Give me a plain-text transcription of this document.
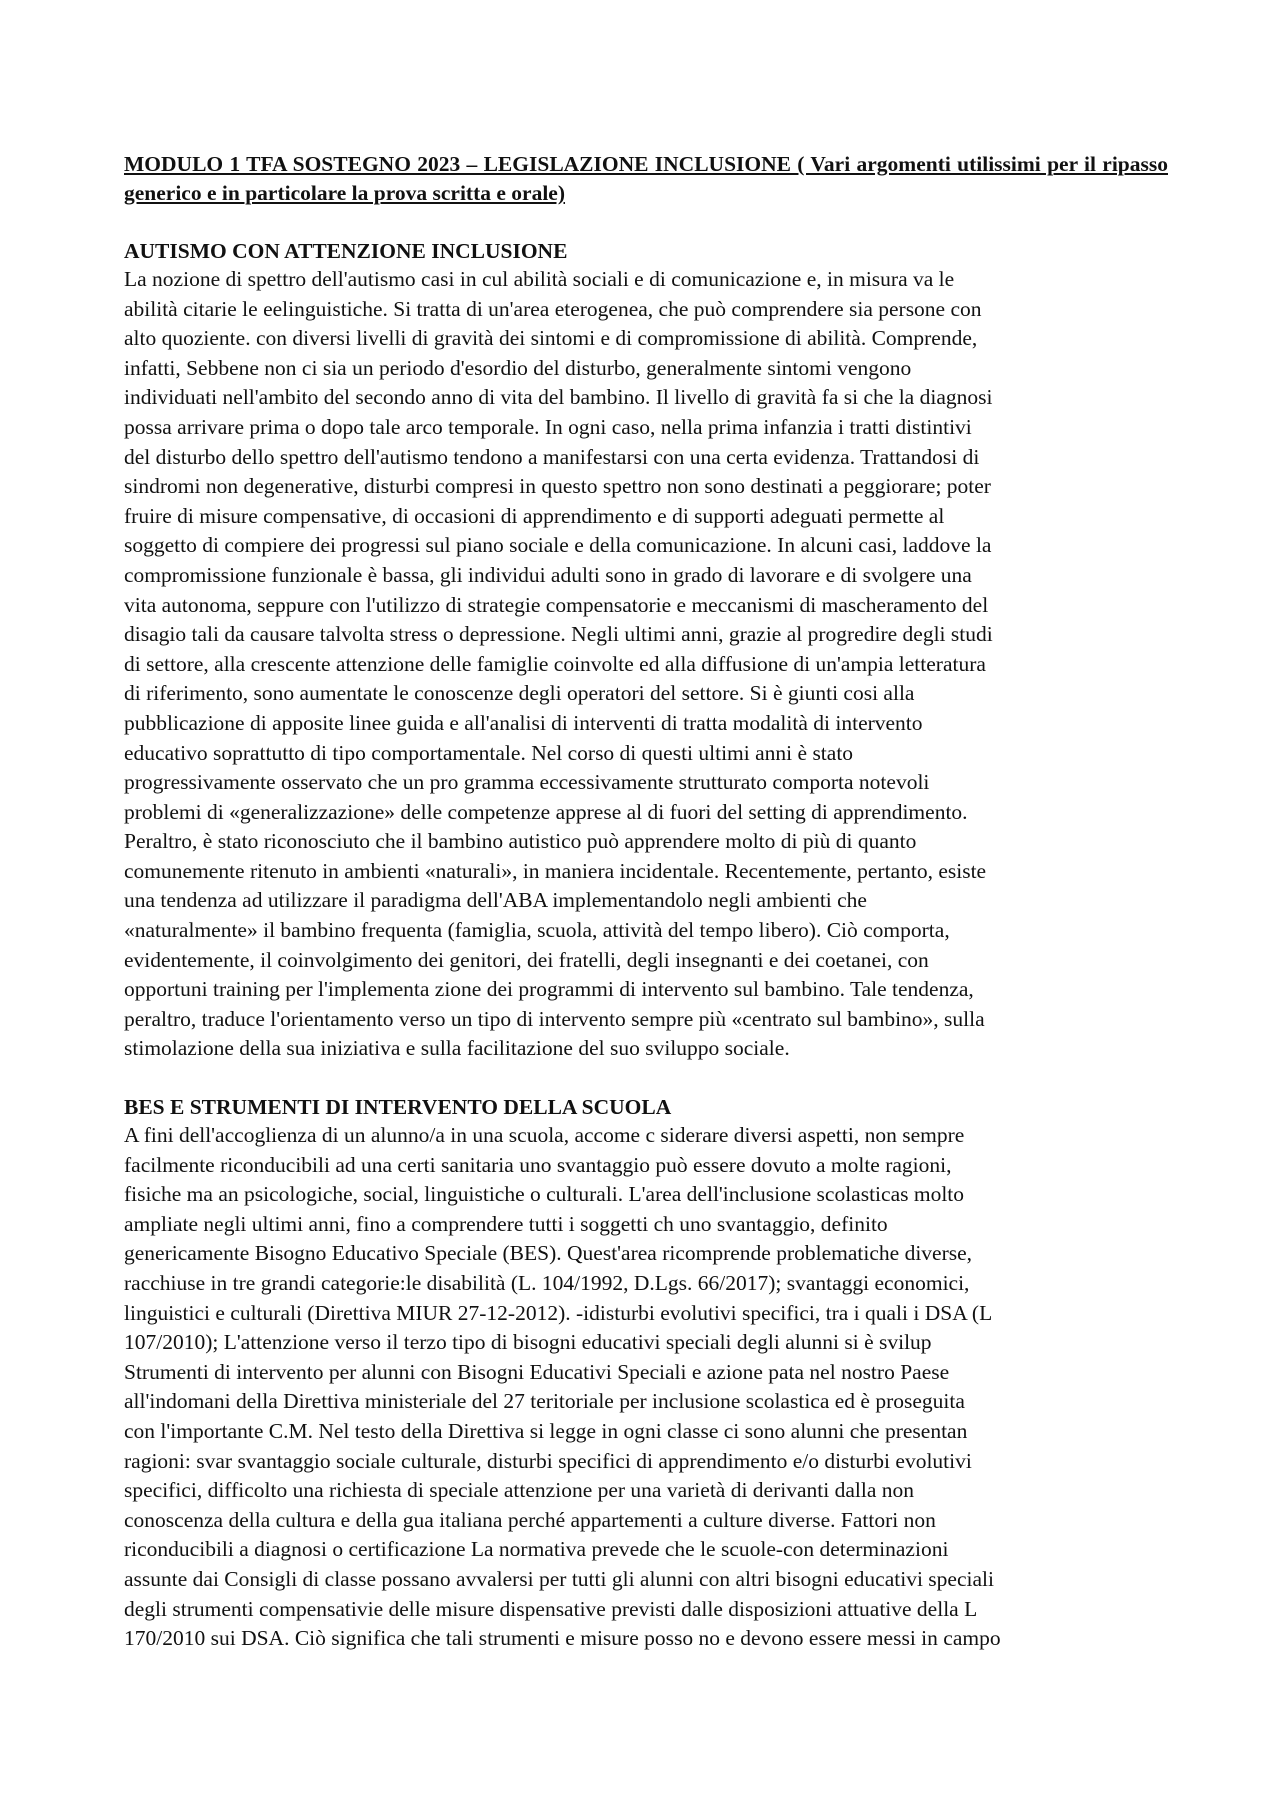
MODULO 1 TFA SOSTEGNO 2023 – LEGISLAZIONE INCLUSIONE ( Vari argomenti utilissimi per il ripasso generico e in particolare la prova scritta e orale)

AUTISMO CON ATTENZIONE INCLUSIONE

La nozione di spettro dell'autismo casi in cul abilità sociali e di comunicazione e, in misura va le
abilità citarie le eelinguistiche. Si tratta di un'area eterogenea, che può comprendere sia persone con
alto quoziente. con diversi livelli di gravità dei sintomi e di compromissione di abilità. Comprende,
infatti, Sebbene non ci sia un periodo d'esordio del disturbo, generalmente sintomi vengono
individuati nell'ambito del secondo anno di vita del bambino. Il livello di gravità fa si che la diagnosi
possa arrivare prima o dopo tale arco temporale. In ogni caso, nella prima infanzia i tratti distintivi
del disturbo dello spettro dell'autismo tendono a manifestarsi con una certa evidenza. Trattandosi di
sindromi non degenerative, disturbi compresi in questo spettro non sono destinati a peggiorare; poter
fruire di misure compensative, di occasioni di apprendimento e di supporti adeguati permette al
soggetto di compiere dei progressi sul piano sociale e della comunicazione. In alcuni casi, laddove la
compromissione funzionale è bassa, gli individui adulti sono in grado di lavorare e di svolgere una
vita autonoma, seppure con l'utilizzo di strategie compensatorie e meccanismi di mascheramento del
disagio tali da causare talvolta stress o depressione. Negli ultimi anni, grazie al progredire degli studi
di settore, alla crescente attenzione delle famiglie coinvolte ed alla diffusione di un'ampia letteratura
di riferimento, sono aumentate le conoscenze degli operatori del settore. Si è giunti cosi alla
pubblicazione di apposite linee guida e all'analisi di interventi di tratta modalità di intervento
educativo soprattutto di tipo comportamentale. Nel corso di questi ultimi anni è stato
progressivamente osservato che un pro gramma eccessivamente strutturato comporta notevoli
problemi di «generalizzazione» delle competenze apprese al di fuori del setting di apprendimento.
Peraltro, è stato riconosciuto che il bambino autistico può apprendere molto di più di quanto
comunemente ritenuto in ambienti «naturali», in maniera incidentale. Recentemente, pertanto, esiste
una tendenza ad utilizzare il paradigma dell'ABA implementandolo negli ambienti che
«naturalmente» il bambino frequenta (famiglia, scuola, attività del tempo libero). Ciò comporta,
evidentemente, il coinvolgimento dei genitori, dei fratelli, degli insegnanti e dei coetanei, con
opportuni training per l'implementa zione dei programmi di intervento sul bambino. Tale tendenza,
peraltro, traduce l'orientamento verso un tipo di intervento sempre più «centrato sul bambino», sulla
stimolazione della sua iniziativa e sulla facilitazione del suo sviluppo sociale.

BES E STRUMENTI DI INTERVENTO DELLA SCUOLA

A fini dell'accoglienza di un alunno/a in una scuola, accome c siderare diversi aspetti, non sempre
facilmente riconducibili ad una certi sanitaria uno svantaggio può essere dovuto a molte ragioni,
fisiche ma an psicologiche, social, linguistiche o culturali. L'area dell'inclusione scolasticas molto
ampliate negli ultimi anni, fino a comprendere tutti i soggetti ch uno svantaggio, definito
genericamente Bisogno Educativo Speciale (BES). Quest'area ricomprende problematiche diverse,
racchiuse in tre grandi categorie:le disabilità (L. 104/1992, D.Lgs. 66/2017); svantaggi economici,
linguistici e culturali (Direttiva MIUR 27-12-2012). -idisturbi evolutivi specifici, tra i quali i DSA (L
107/2010); L'attenzione verso il terzo tipo di bisogni educativi speciali degli alunni si è svilup
Strumenti di intervento per alunni con Bisogni Educativi Speciali e azione pata nel nostro Paese
all'indomani della Direttiva ministeriale del 27 teritoriale per inclusione scolastica ed è proseguita
con l'importante C.M. Nel testo della Direttiva si legge in ogni classe ci sono alunni che presentan
ragioni: svar svantaggio sociale culturale, disturbi specifici di apprendimento e/o disturbi evolutivi
specifici, difficolto una richiesta di speciale attenzione per una varietà di derivanti dalla non
conoscenza della cultura e della gua italiana perché appartementi a culture diverse. Fattori non
riconducibili a diagnosi o certificazione La normativa prevede che le scuole-con determinazioni
assunte dai Consigli di classe possano avvalersi per tutti gli alunni con altri bisogni educativi speciali
degli strumenti compensativie delle misure dispensative previsti dalle disposizioni attuative della L
170/2010 sui DSA. Ciò significa che tali strumenti e misure posso no e devono essere messi in campo
